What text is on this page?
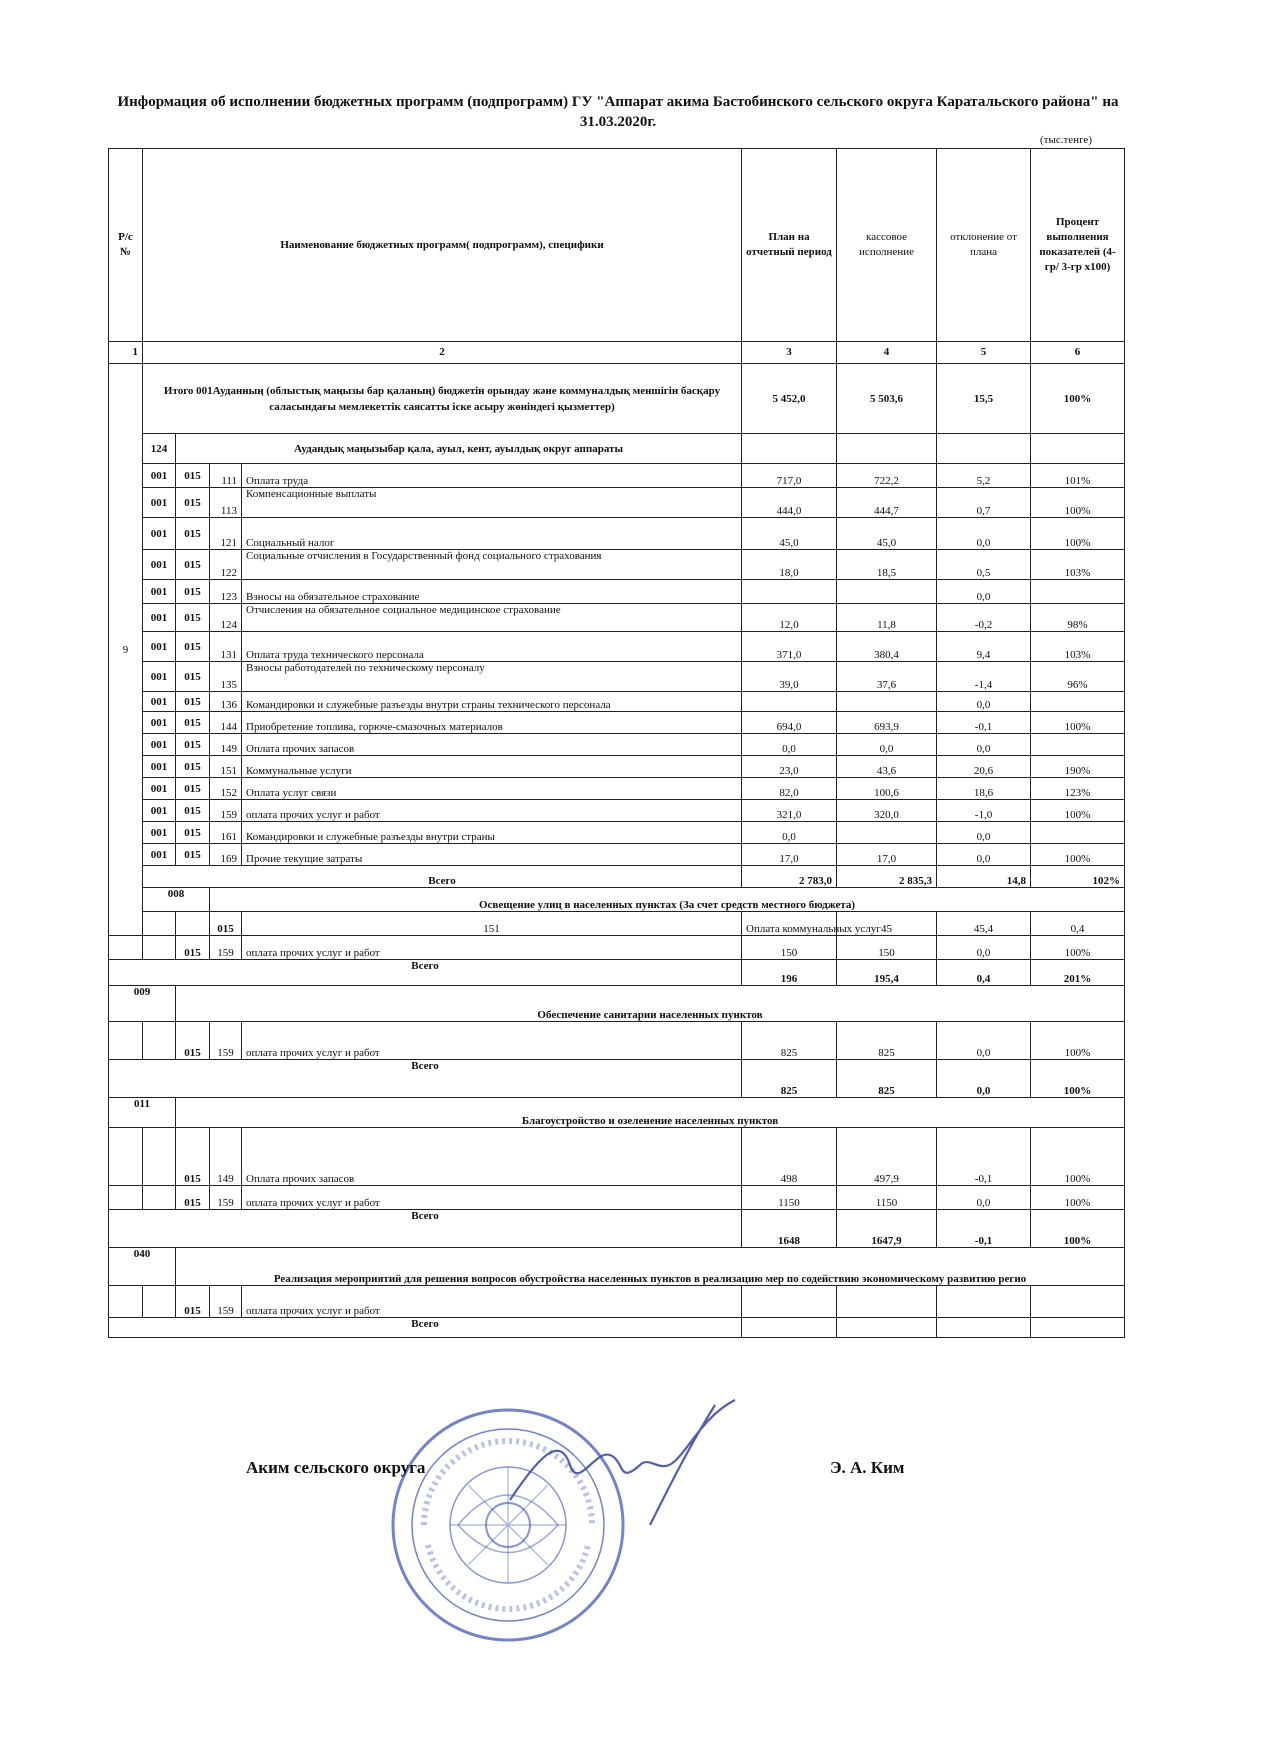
Информация об исполнении бюджетных программ (подпрограмм) ГУ "Аппарат акима Бастобинского сельского округа Каратальского района" на 31.03.2020г.
(тыс.тенге)
Р/с №	Наименование бюджетных программ( подпрограмм), специфики				План на отчетный период	кассовое исполнение	отклонение от плана	Процент выполнения показателей (4-гр/ 3-гр х100)	
1	2				3	4	5	6	
9	Итого 001Ауданның (облыстық маңызы бар қаланың) бюджетiн орындау және коммуналдық меншiгiн басқару саласындағы мемлекеттiк саясатты iске асыру жөнiндегi қызметтер)				5 452,0	5 503,6	15,5	100%	
	124	Аудандық маңызыбар қала, ауыл, кент, ауылдық округ аппараты							
	001	015	111	Оплата труда	717,0	722,2	5,2	101%	
	001	015	113	Компенсационные выплаты	444,0	444,7	0,7	100%	
	001	015	121	Социальный налог	45,0	45,0	0,0	100%	
	001	015	122	Социальные отчисления в Государственный фонд социального страхования	18,0	18,5	0,5	103%	
	001	015	123	Взносы на обязательное страхование			0,0		
	001	015	124	Отчисления на обязательное социальное медицинское страхование	12,0	11,8	-0,2	98%	
	001	015	131	Оплата труда технического персонала	371,0	380,4	9,4	103%	
	001	015	135	Взносы работодателей по техническому персоналу	39,0	37,6	-1,4	96%	
	001	015	136	Командировки и служебные разъезды внутри страны технического персонала			0,0		
	001	015	144	Приобретение топлива, горюче-смазочных материалов	694,0	693,9	-0,1	100%	
	001	015	149	Оплата прочих запасов	0,0	0,0	0,0		
	001	015	151	Коммунальные услуги	23,0	43,6	20,6	190%	
	001	015	152	Оплата услуг связи	82,0	100,6	18,6	123%	
	001	015	159	оплата прочих услуг и работ	321,0	320,0	-1,0	100%	
	001	015	161	Командировки и служебные разъезды внутри страны	0,0		0,0		
	001	015	169	Прочие текущие затраты	17,0	17,0	0,0	100%	
	Всего				2 783,0	2 835,3	14,8	102%	
	008		Освещение улиц в населенных пунктах (За счет средств местного бюджета)						
			015	151	Оплата коммунальных услуг	45	45,4	0,4	
		015	159	оплата прочих услуг и работ	150	150	0,0	100%	
Всего					196	195,4	0,4	201%	
009		Обеспечение санитарии населенных пунктов							
		015	159	оплата прочих услуг и работ	825	825	0,0	100%	
Всего					825	825	0,0	100%	
011		Благоустройство и озеленение населенных пунктов							
		015	149	Оплата прочих запасов	498	497,9	-0,1	100%	
		015	159	оплата прочих услуг и работ	1150	1150	0,0	100%	
Всего					1648	1647,9	-0,1	100%	
040		Реализация мероприятий для решения вопросов обустройства населенных пунктов в реализацию мер по содействию экономическому развитию регио							
		015	159	оплата прочих услуг и работ					
Всего									
Аким сельского округа	Э. А. Ким
